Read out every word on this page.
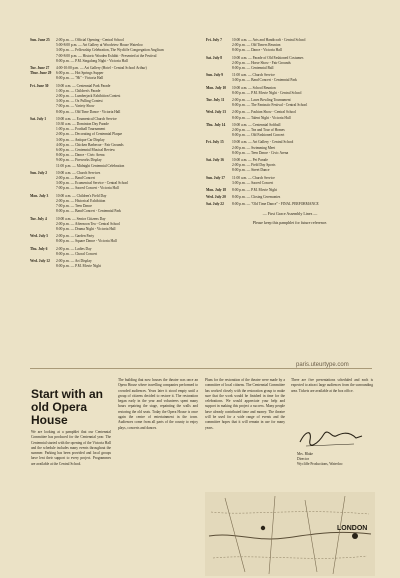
Sun. June 25	2:00 p.m. — Official Opening - Central School
5:00-8:00 p.m. — Art Gallery at Woodview House Waterloo
3:00 p.m. — Fellowship Celebration, The Wycliffe Congregation Anglican
7:00-8:00 p.m. — Historic Wooden Exhibit - Presented at the Festival
8:00 p.m. — P.M. Singalong Night - Victoria Hall
Tue. June 27 Thur. June 29
4:00-10:00 p.m. — Art Gallery (Hotel - Central School Arthur)
6:00 p.m. — Hot Springs Supper
8:00 p.m. — "Hi" - Victoria Hall
Fri. June 30	10:00 a.m. — Centennial Park Parade
1:00 p.m. — Children's Parade
2:00 p.m. — Lumberjack Exhibition Contest
3:00 p.m. — Ox Pulling Contest
7:00 p.m. — Variety Show
8:00 p.m. — Old Time Dance - Victoria Hall
Sat. July 1	10:00 a.m. — Ecumenical Church Service
10:30 a.m. — Dominion Day Parade
1:00 p.m. — Football Tournament
2:00 p.m. — Decorating of Centennial Plaque
3:00 p.m. — Antique Car Display
4:00 p.m. — Chicken Barbecue - Fair Grounds
6:00 p.m. — Centennial Musical Review
8:00 p.m. — Dance - Civic Arena
9:00 p.m. — Fireworks Display
11:00 p.m. — Midnight Centennial Celebration
Sun. July 2	10:00 a.m. — Church Services
2:00 p.m. — Band Concert
3:00 p.m. — Ecumenical Service - Central School
7:00 p.m. — Sacred Concert - Victoria Hall
Mon. July 3	10:00 a.m. — Children's Field Day
2:00 p.m. — Historical Exhibition
7:00 p.m. — Teen Dance
8:00 p.m. — Band Concert - Centennial Park
Tue. July 4	10:00 a.m. — Senior Citizens Day
2:00 p.m. — Afternoon Tea - Central School
8:00 p.m. — Drama Night - Victoria Hall
Wed. July 5	2:00 p.m. — Garden Party
8:00 p.m. — Square Dance - Victoria Hall
Thu. July 6	2:00 p.m. — Ladies Day
8:00 p.m. — Choral Concert
Wed. July 12	2:00 p.m. — Art Display
8:00 p.m. — P.M. Movie Night
Fri. July 7	10:00 a.m. — Arts and Handicraft - Central School
2:00 p.m. — Old Timers Reunion
8:00 p.m. — Dance - Victoria Hall
Sat. July 8	10:00 a.m. — Parade of Old Fashioned Costumes
2:00 p.m. — Horse Show - Fair Grounds
8:00 p.m. — Centennial Ball
Sun. July 9	11:00 a.m. — Church Service
3:00 p.m. — Band Concert - Centennial Park
Mon. July 10	10:00 a.m. — School Reunion
8:00 p.m. — P.M. Movie Night - Central School
Tue. July 11	2:00 p.m. — Lawn Bowling Tournament
8:00 p.m. — The Fantastic Festival - Central School
Wed. July 13	2:00 p.m. — Fashion Show - Central School
8:00 p.m. — Talent Night - Victoria Hall
Thu. July 14	10:00 a.m. — Centennial Softball
2:00 p.m. — Tea and Tour of Homes
8:00 p.m. — Old Fashioned Concert
Fri. July 15	10:00 a.m. — Art Gallery - Central School
2:00 p.m. — Swimming Meet
8:00 p.m. — Teen Dance - Civic Arena
Sat. July 16	10:00 a.m. — Pet Parade
2:00 p.m. — Field Day Sports
8:00 p.m. — Street Dance
Sun. July 17	11:00 a.m. — Church Service
3:00 p.m. — Sacred Concert
Mon. July 18	8:00 p.m. — P.M. Movie Night
Wed. July 20	8:00 p.m. — Closing Ceremonies
Sat. July 22	8:00 p.m. — "Old Time Dance" - FINAL PERFORMANCE
— First Grace Assembly Lines —
Please keep this pamphlet for future reference.
paris.uteurtype.com
Start with an old Opera House
We are looking at a pamphlet that our Centennial Committee has produced for the Centennial year. The Centennial started with the opening of the Victoria Hall and the schedule includes many events throughout the summer. Parking has been provided and local groups have lent their support to every project. Programmes are available at the Central School.
The building that now houses the theatre was once an Opera House where travelling companies performed to crowded audiences. Years later it stood empty until a group of citizens decided to restore it. The restoration began early in the year and volunteers spent many hours repairing the stage, repainting the walls and restoring the old seats. Today the Opera House is once again the centre of entertainment in the town. Audiences come from all parts of the county to enjoy plays, concerts and dances.
Plans for the restoration of the theatre were made by a committee of local citizens. The Centennial Committee has worked closely with the restoration group to make sure that the work would be finished in time for the celebrations. We would appreciate your help and support in making this project a success. Many people have already contributed time and money. The theatre will be used for a wide range of events and the committee hopes that it will remain in use for many years.
There are five presentations scheduled and each is expected to attract large audiences from the surrounding area. Tickets are available at the box office.
Mrs. Blake
Director
Wycliffe Productions, Waterloo
LONDON
